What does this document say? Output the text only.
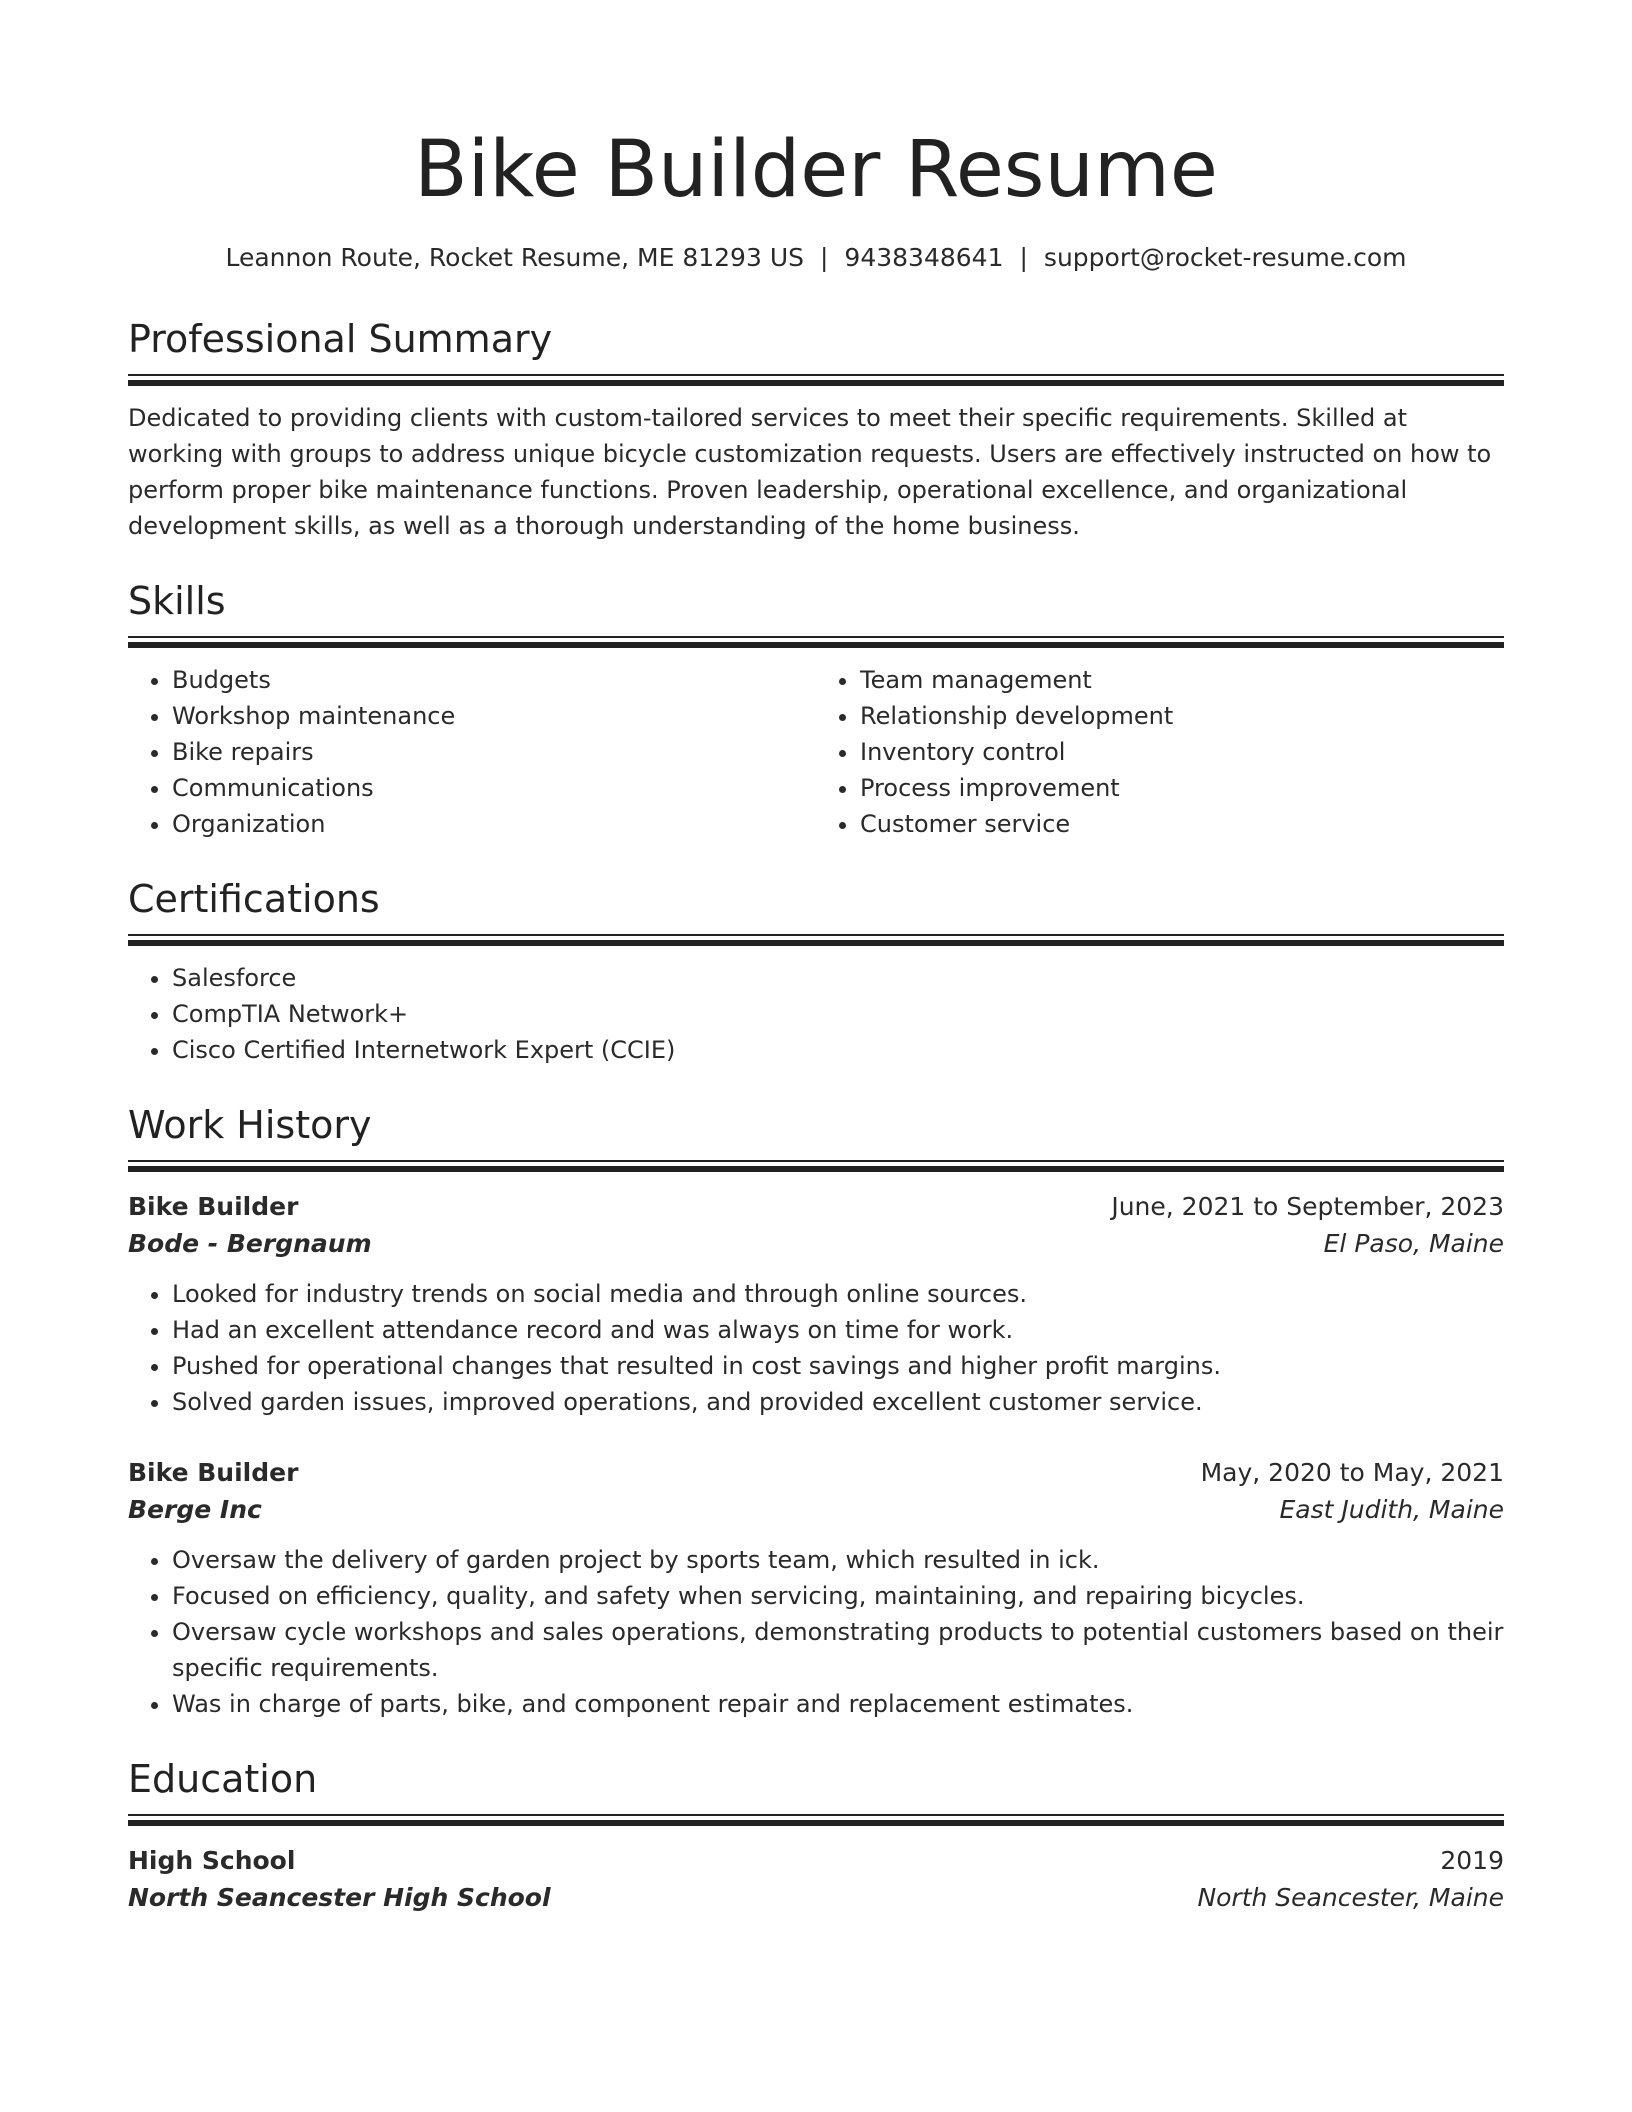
Bike Builder Resume
Leannon Route, Rocket Resume, ME 81293 US | 9438348641 | support@rocket-resume.com
Professional Summary

Dedicated to providing clients with custom-tailored services to meet their specific requirements. Skilled at working with groups to address unique bicycle customization requests. Users are effectively instructed on how to perform proper bike maintenance functions. Proven leadership, operational excellence, and organizational development skills, as well as a thorough understanding of the home business.

Skills
• Budgets
• Workshop maintenance
• Bike repairs
• Communications
• Organization
• Team management
• Relationship development
• Inventory control
• Process improvement
• Customer service
Certifications
• Salesforce
• CompTIA Network+
• Cisco Certified Internetwork Expert (CCIE)
Work History
Bike Builder	June, 2021 to September, 2023
Bode - Bergnaum	El Paso, Maine
• Looked for industry trends on social media and through online sources.
• Had an excellent attendance record and was always on time for work.
• Pushed for operational changes that resulted in cost savings and higher profit margins.
• Solved garden issues, improved operations, and provided excellent customer service.
Bike Builder	May, 2020 to May, 2021
Berge Inc	East Judith, Maine
• Oversaw the delivery of garden project by sports team, which resulted in ick.
• Focused on efficiency, quality, and safety when servicing, maintaining, and repairing bicycles.
• Oversaw cycle workshops and sales operations, demonstrating products to potential customers based on their specific requirements.
• Was in charge of parts, bike, and component repair and replacement estimates.
Education
High School	2019
North Seancester High School	North Seancester, Maine
